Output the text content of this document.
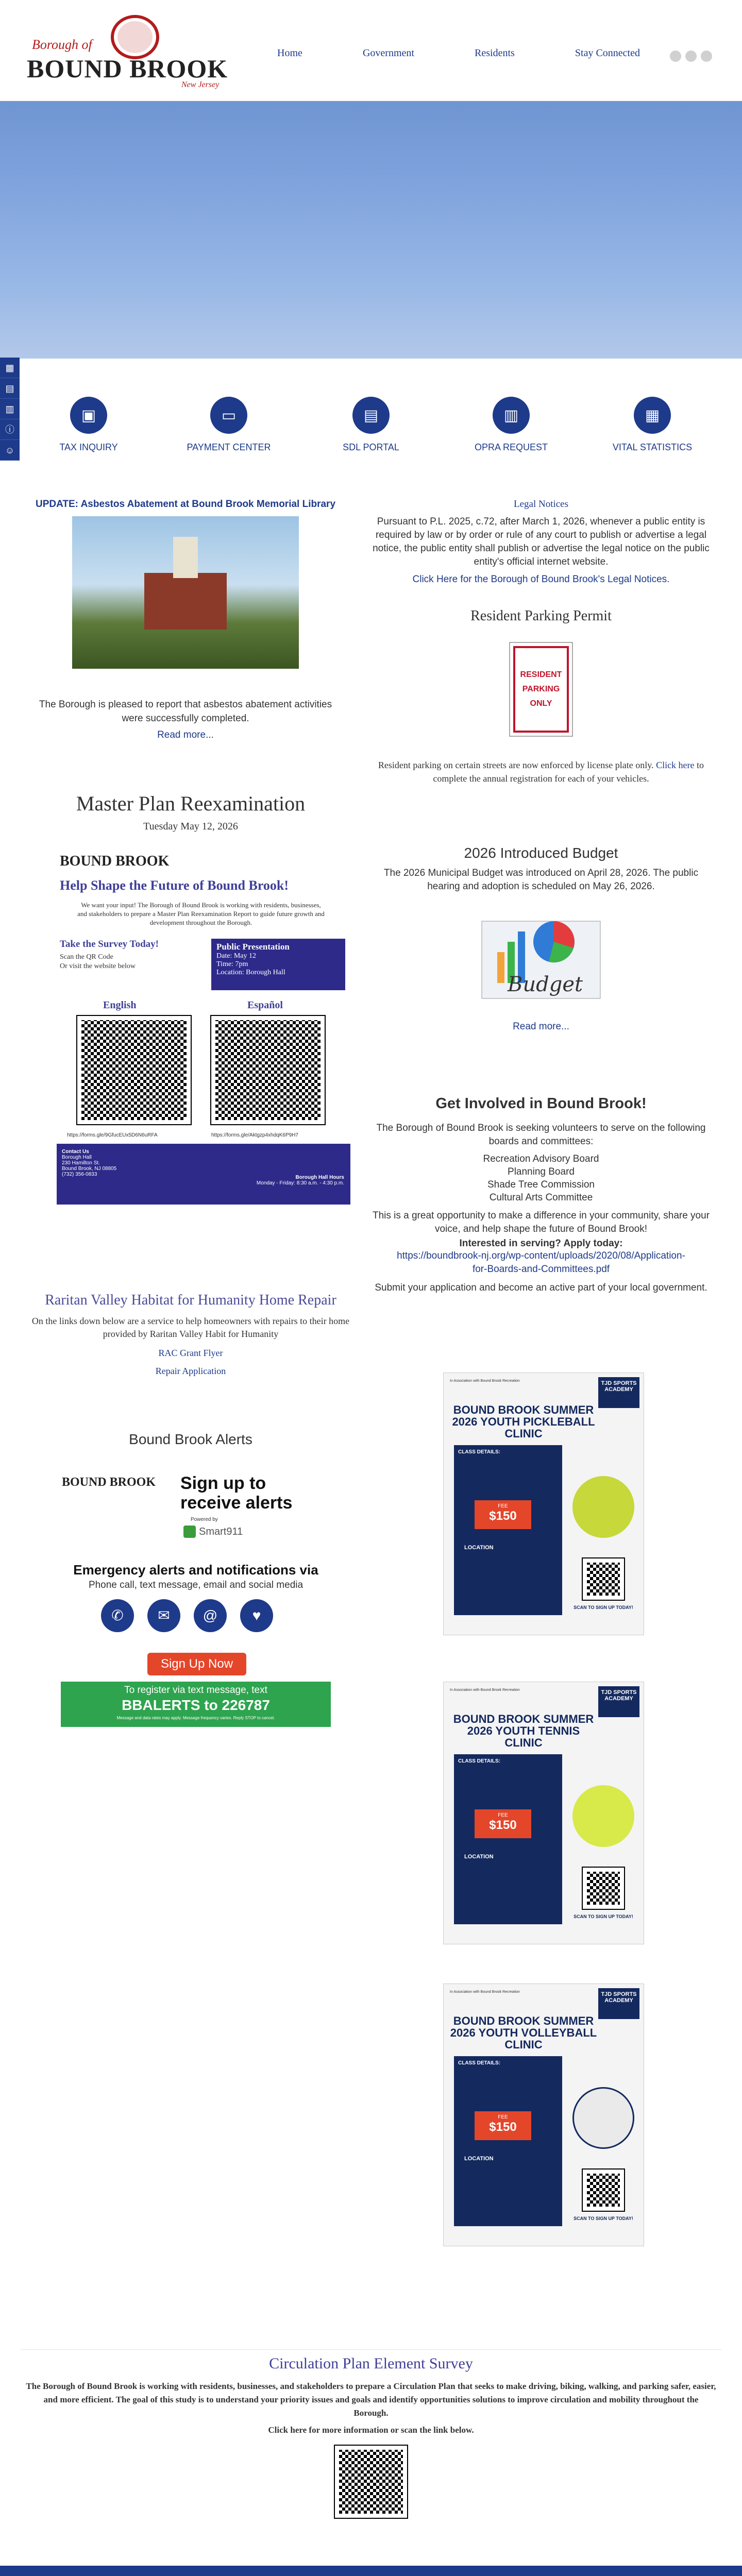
Borough of
BOUND BROOK
New Jersey
Home	Government	Residents	Stay Connected
▦
▤
▥
ⓘ
☺
▣
TAX INQUIRY
▭
PAYMENT CENTER
▤
SDL PORTAL
▥
OPRA REQUEST
▦
VITAL STATISTICS
UPDATE: Asbestos Abatement at Bound Brook Memorial Library
The Borough is pleased to report that asbestos abatement activities were successfully completed.
Read more...
Legal Notices
Pursuant to P.L. 2025, c.72, after March 1, 2026, whenever a public entity is required by law or by order or rule of any court to publish or advertise a legal notice, the public entity shall publish or advertise the legal notice on the public entity's official internet website.
Click Here for the Borough of Bound Brook's Legal Notices.
Resident Parking Permit
RESIDENT
PARKING
ONLY
Resident parking on certain streets are now enforced by license plate only. Click here to complete the annual registration for each of your vehicles.
Master Plan Reexamination
Tuesday May 12, 2026
BOUND BROOK
Help Shape the Future of Bound Brook!
We want your input! The Borough of Bound Brook is working with residents, businesses, and stakeholders to prepare a Master Plan Reexamination Report to guide future growth and development throughout the Borough.
Take the Survey Today!
Scan the QR Code
Or visit the website below
Public Presentation
Date: May 12
Time: 7pm
Location: Borough Hall
English	Español
https://forms.gle/9GfucEUx5D6N6uRFA	https://forms.gle/Aktgzp4xhdqK6P9H7
Contact Us
Borough Hall
230 Hamilton St.
Bound Brook, NJ 08805
(732) 356-0833
Borough Hall Hours
Monday - Friday: 8:30 a.m. - 4:30 p.m.
2026 Introduced Budget
The 2026 Municipal Budget was introduced on April 28, 2026. The public hearing and adoption is scheduled on May 26, 2026.
Budget
Read more...
Get Involved in Bound Brook!
The Borough of Bound Brook is seeking volunteers to serve on the following boards and committees:
Recreation Advisory Board
Planning Board
Shade Tree Commission
Cultural Arts Committee
This is a great opportunity to make a difference in your community, share your voice, and help shape the future of Bound Brook!
Interested in serving? Apply today:
https://boundbrook-nj.org/wp-content/uploads/2020/08/Application-for-Boards-and-Committees.pdf
Submit your application and become an active part of your local government.
Raritan Valley Habitat for Humanity Home Repair
On the links down below are a service to help homeowners with repairs to their home provided by Raritan Valley Habit for Humanity
RAC Grant Flyer
Repair Application
Bound Brook Alerts
BOUND BROOK Sign up to receive alerts
Powered by
Smart911
Emergency alerts and notifications via
Phone call, text message, email and social media
✆	✉	@	♥
Sign Up Now
To register via text message, text
BBALERTS to 226787
Message and data rates may apply. Message frequency varies. Reply STOP to cancel.
In Association with Bound Brook Recreation	TJD SPORTS ACADEMY
BOUND BROOK SUMMER 2026 YOUTH PICKLEBALL CLINIC
CLASS DETAILS:
FEE
$150
LOCATION
SCAN TO SIGN UP TODAY!
In Association with Bound Brook Recreation	TJD SPORTS ACADEMY
BOUND BROOK SUMMER 2026 YOUTH TENNIS CLINIC
CLASS DETAILS:
FEE
$150
LOCATION
SCAN TO SIGN UP TODAY!
In Association with Bound Brook Recreation	TJD SPORTS ACADEMY
BOUND BROOK SUMMER 2026 YOUTH VOLLEYBALL CLINIC
CLASS DETAILS:
FEE
$150
LOCATION
SCAN TO SIGN UP TODAY!
Circulation Plan Element Survey
The Borough of Bound Brook is working with residents, businesses, and stakeholders to prepare a Circulation Plan that seeks to make driving, biking, walking, and parking safer, easier, and more efficient. The goal of this study is to understand your priority issues and goals and identify opportunities solutions to improve circulation and mobility throughout the Borough.
Click here for more information or scan the link below.
